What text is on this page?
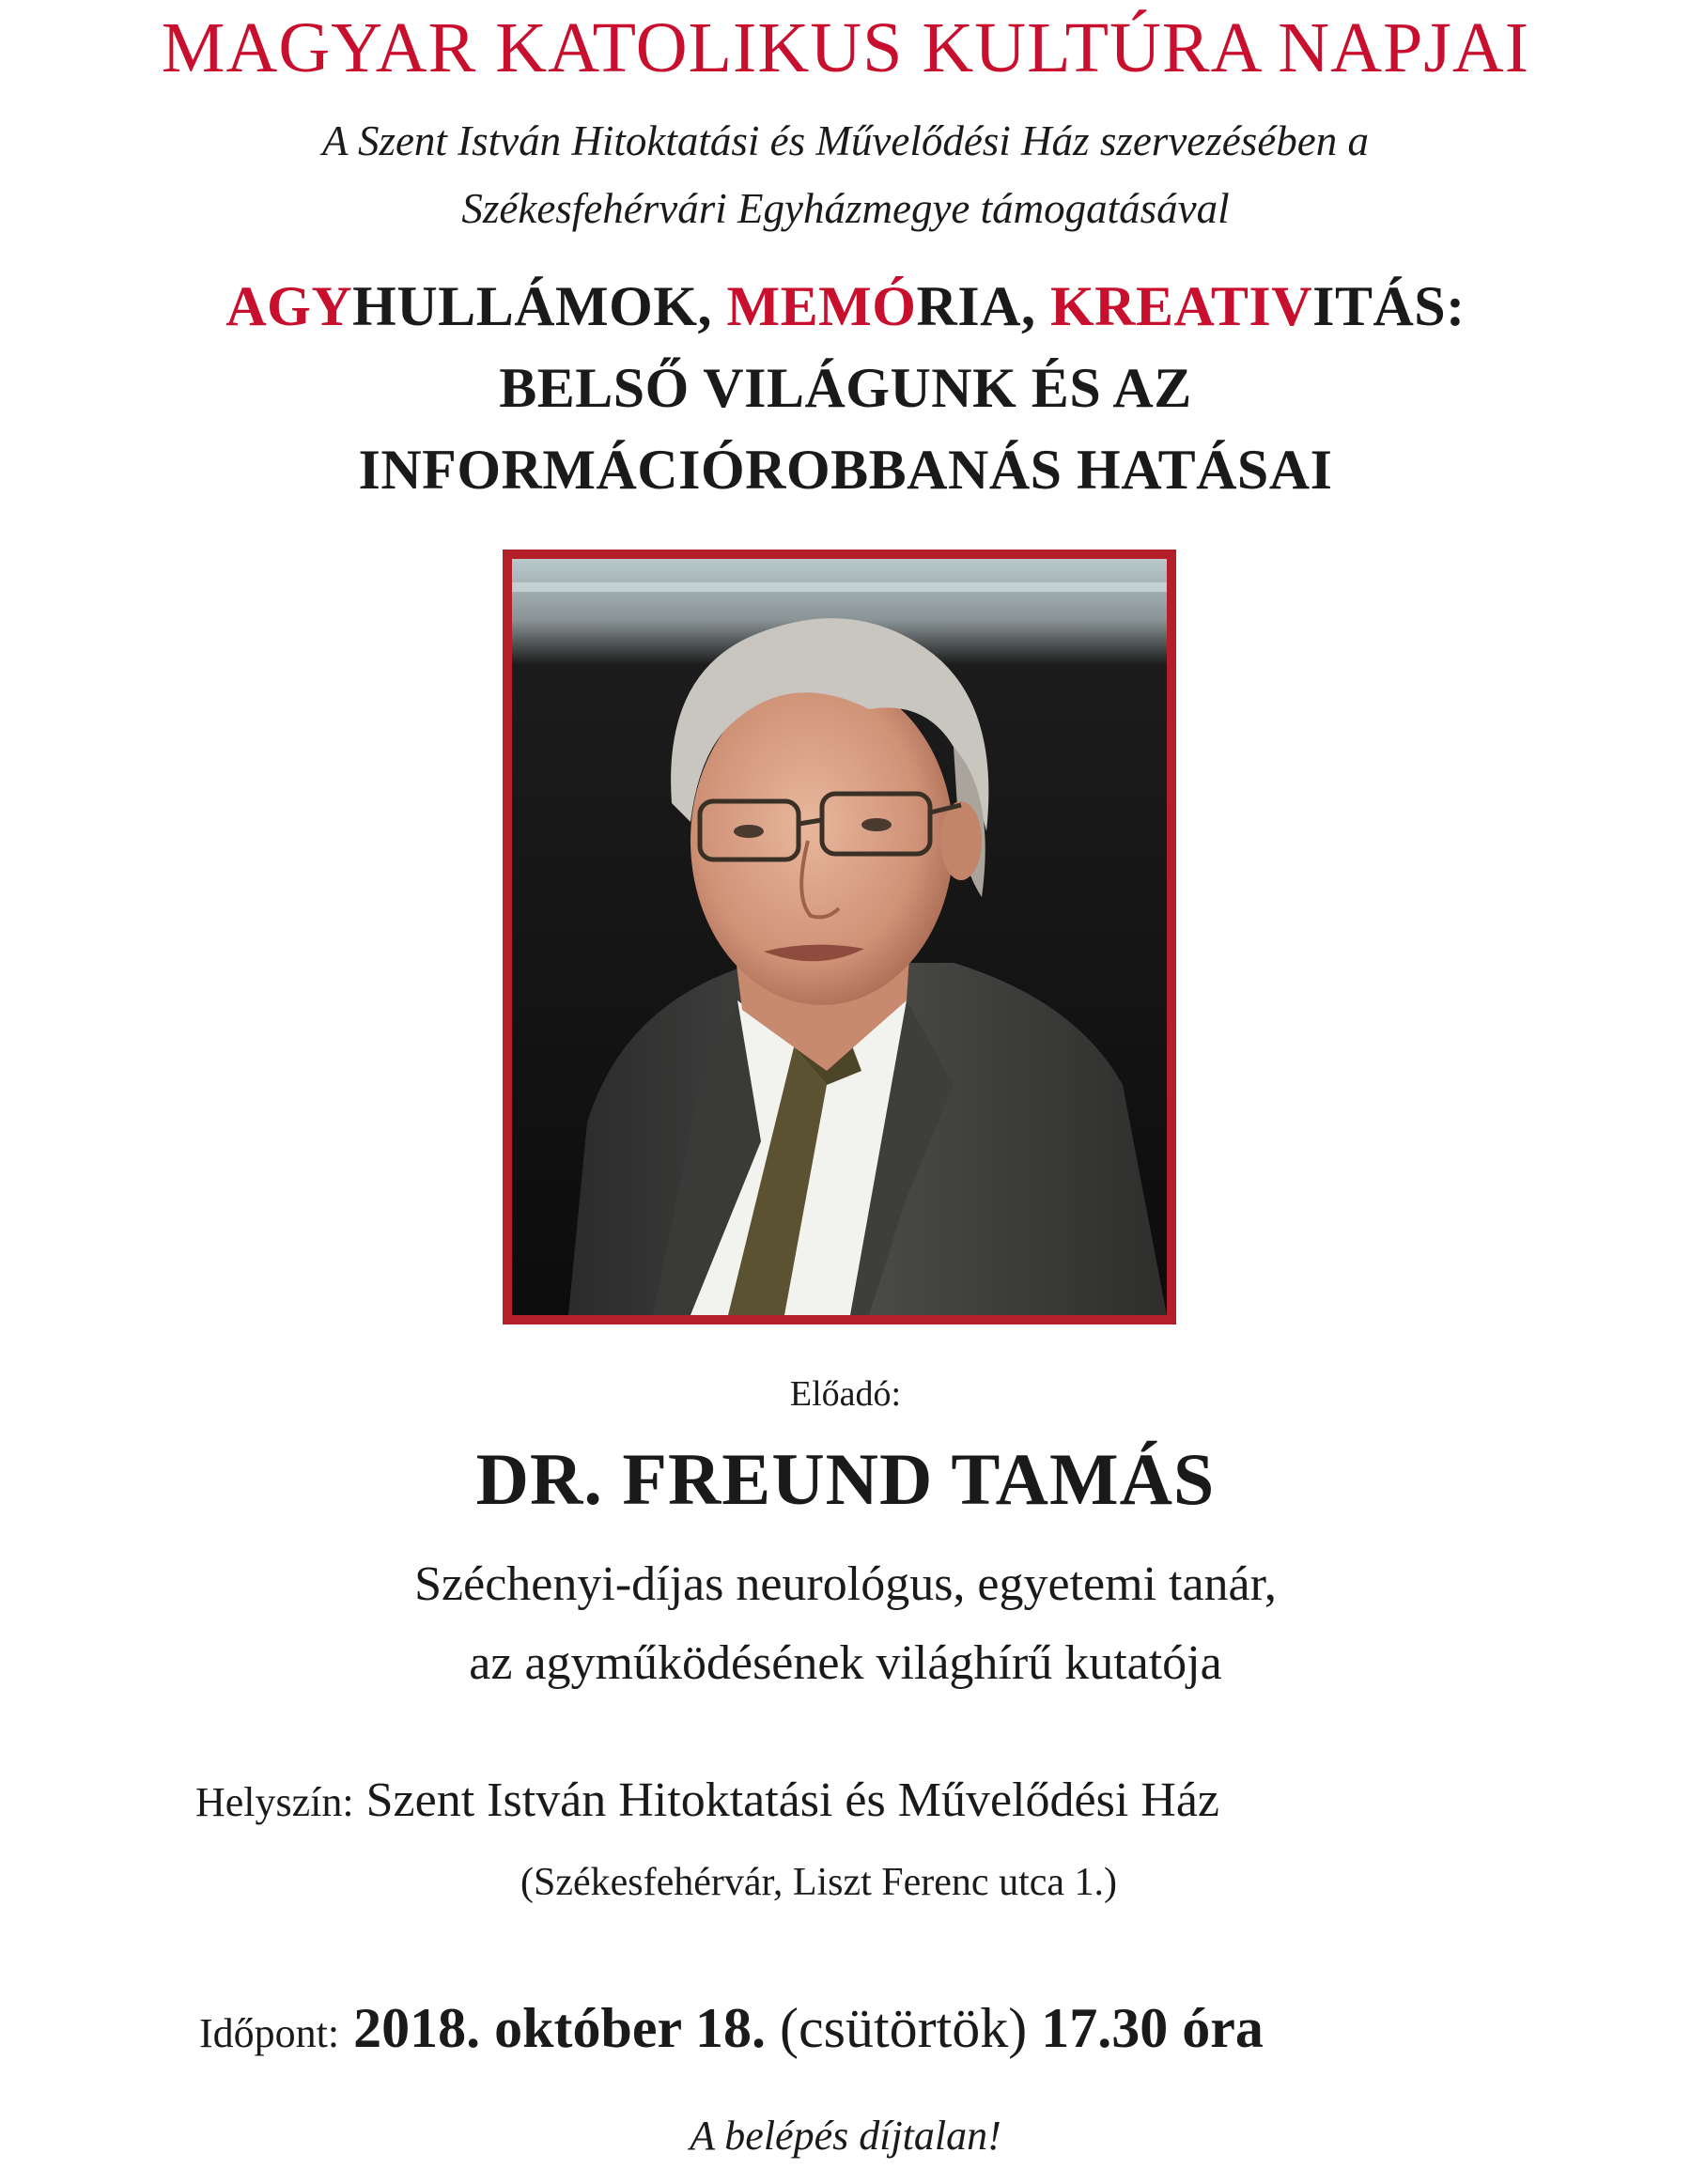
MAGYAR KATOLIKUS KULTÚRA NAPJAI
A Szent István Hitoktatási és Művelődési Ház szervezésében a
Székesfehérvári Egyházmegye támogatásával
AGYHULLÁMOK, MEMÓRIA, KREATIVITÁS:
BELSŐ VILÁGUNK ÉS AZ
INFORMÁCIÓROBBANÁS HATÁSAI
Előadó:
DR. FREUND TAMÁS
Széchenyi-díjas neurológus, egyetemi tanár,
az agyműködésének világhírű kutatója
Helyszín: Szent István Hitoktatási és Művelődési Ház
(Székesfehérvár, Liszt Ferenc utca 1.)
Időpont: 2018. október 18. (csütörtök) 17.30 óra
A belépés díjtalan!
